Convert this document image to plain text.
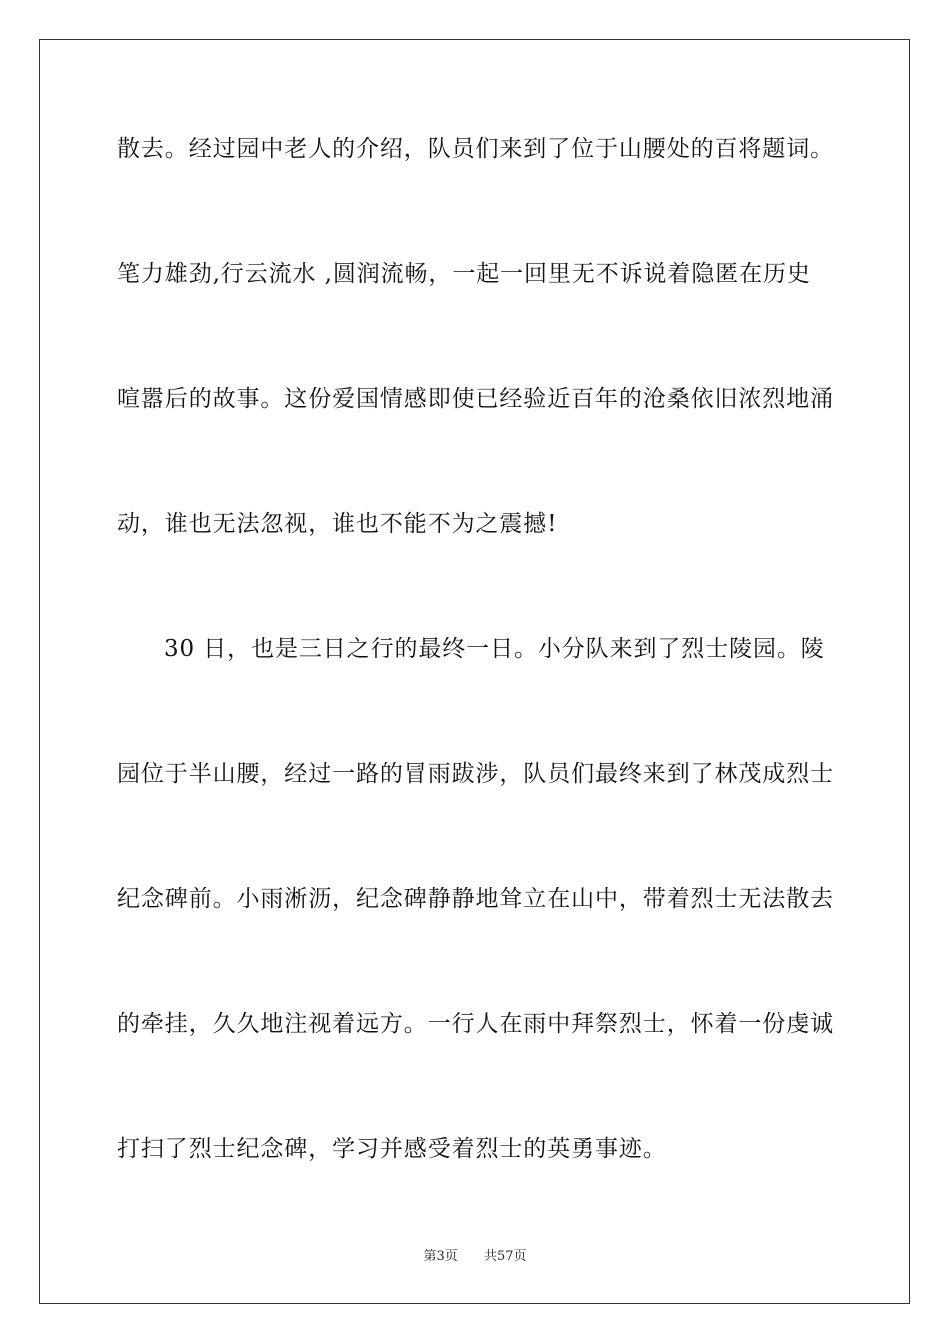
散去。经过园中老人的介绍，队员们来到了位于山腰处的百将题词。
笔力雄劲,行云流水 ,圆润流畅，一起一回里无不诉说着隐匿在历史
喧嚣后的故事。这份爱国情感即使已经验近百年的沧桑依旧浓烈地涌
动，谁也无法忽视，谁也不能不为之震撼!
30 日，也是三日之行的最终一日。小分队来到了烈士陵园。陵
园位于半山腰，经过一路的冒雨跋涉，队员们最终来到了林茂成烈士
纪念碑前。小雨淅沥，纪念碑静静地耸立在山中，带着烈士无法散去
的牵挂，久久地注视着远方。一行人在雨中拜祭烈士，怀着一份虔诚
打扫了烈士纪念碑，学习并感受着烈士的英勇事迹。
第3页 共57页
